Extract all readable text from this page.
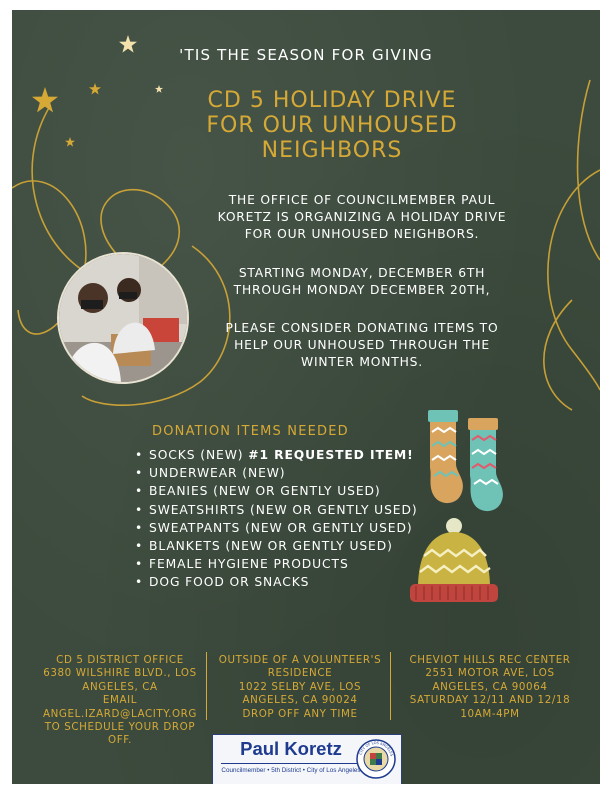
'TIS THE SEASON FOR GIVING
CD 5 HOLIDAY DRIVE
FOR OUR UNHOUSED
NEIGHBORS
THE OFFICE OF COUNCILMEMBER PAUL
KORETZ IS ORGANIZING A HOLIDAY DRIVE
FOR OUR UNHOUSED NEIGHBORS.
STARTING MONDAY, DECEMBER 6TH
THROUGH MONDAY DECEMBER 20TH,
PLEASE CONSIDER DONATING ITEMS TO
HELP OUR UNHOUSED THROUGH THE
WINTER MONTHS.
DONATION ITEMS NEEDED
• SOCKS (NEW) #1 REQUESTED ITEM!
• UNDERWEAR (NEW)
• BEANIES (NEW OR GENTLY USED)
• SWEATSHIRTS (NEW OR GENTLY USED)
• SWEATPANTS (NEW OR GENTLY USED)
• BLANKETS (NEW OR GENTLY USED)
• FEMALE HYGIENE PRODUCTS
• DOG FOOD OR SNACKS
CD 5 DISTRICT OFFICE
6380 WILSHIRE BLVD., LOS
ANGELES, CA
EMAIL
ANGEL.IZARD@LACITY.ORG
TO SCHEDULE YOUR DROP
OFF.
OUTSIDE OF A VOLUNTEER'S
RESIDENCE
1022 SELBY AVE, LOS
ANGELES, CA 90024
DROP OFF ANY TIME
CHEVIOT HILLS REC CENTER
2551 MOTOR AVE, LOS
ANGELES, CA 90064
SATURDAY 12/11 AND 12/18
10AM-4PM
Paul Koretz
Councilmember • 5th District • City of Los Angeles
CITY OF LOS ANGELES
